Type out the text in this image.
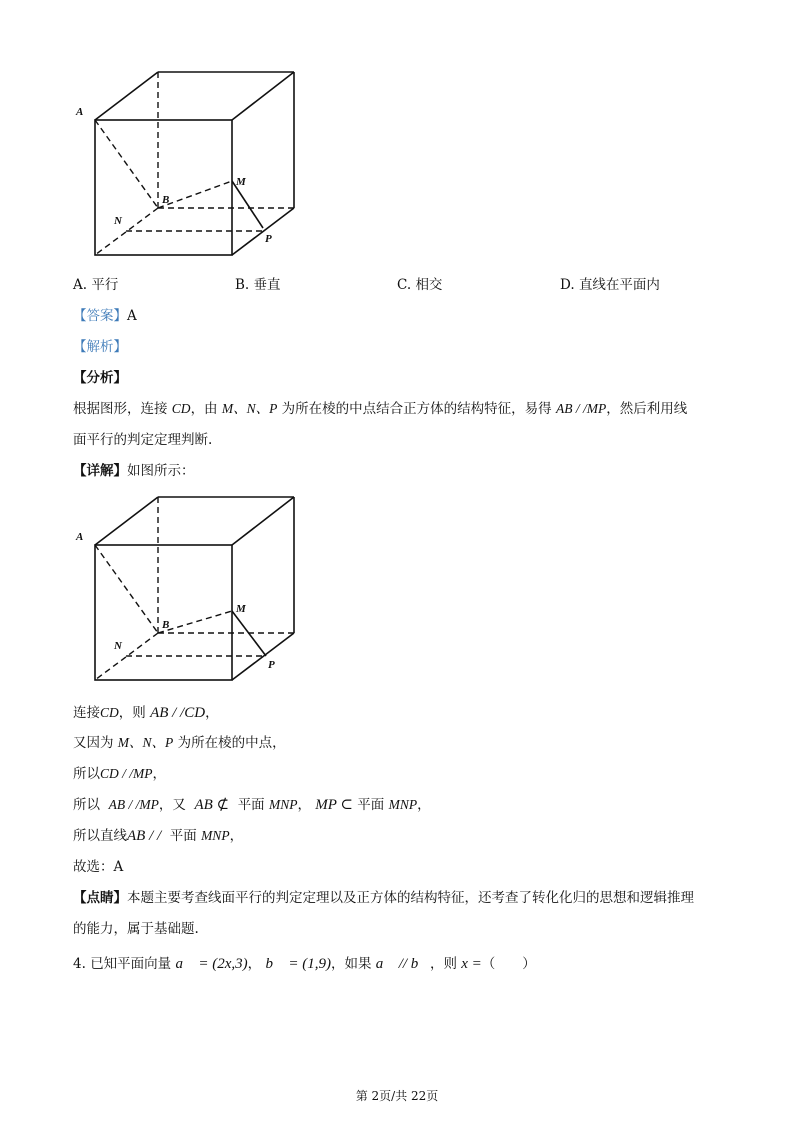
A
B
M
N
P
A. 平行	B. 垂直	C. 相交	D. 直线在平面内
【答案】A
【解析】
【分析】
根据图形，连接 CD，由 M、N、P 为所在棱的中点结合正方体的结构特征，易得 AB / /MP，然后利用线
面平行的判定定理判断.
【详解】如图所示：
A
B
M
N
P
连接CD，则 AB / /CD，
又因为 M、N、P 为所在棱的中点，
所以CD / /MP，
所以 AB / /MP，又 AB ⊄ 平面 MNP， MP ⊂ 平面 MNP，
所以直线AB / / 平面 MNP，
故选：A
【点睛】本题主要考查线面平行的判定定理以及正方体的结构特征，还考查了转化化归的思想和逻辑推理
的能力，属于基础题.
4. 已知平面向量 a⃗ = (2x,3)， b⃗ = (1,9)，如果 a⃗ // b⃗，则 x =（　　）
第 2页/共 22页
